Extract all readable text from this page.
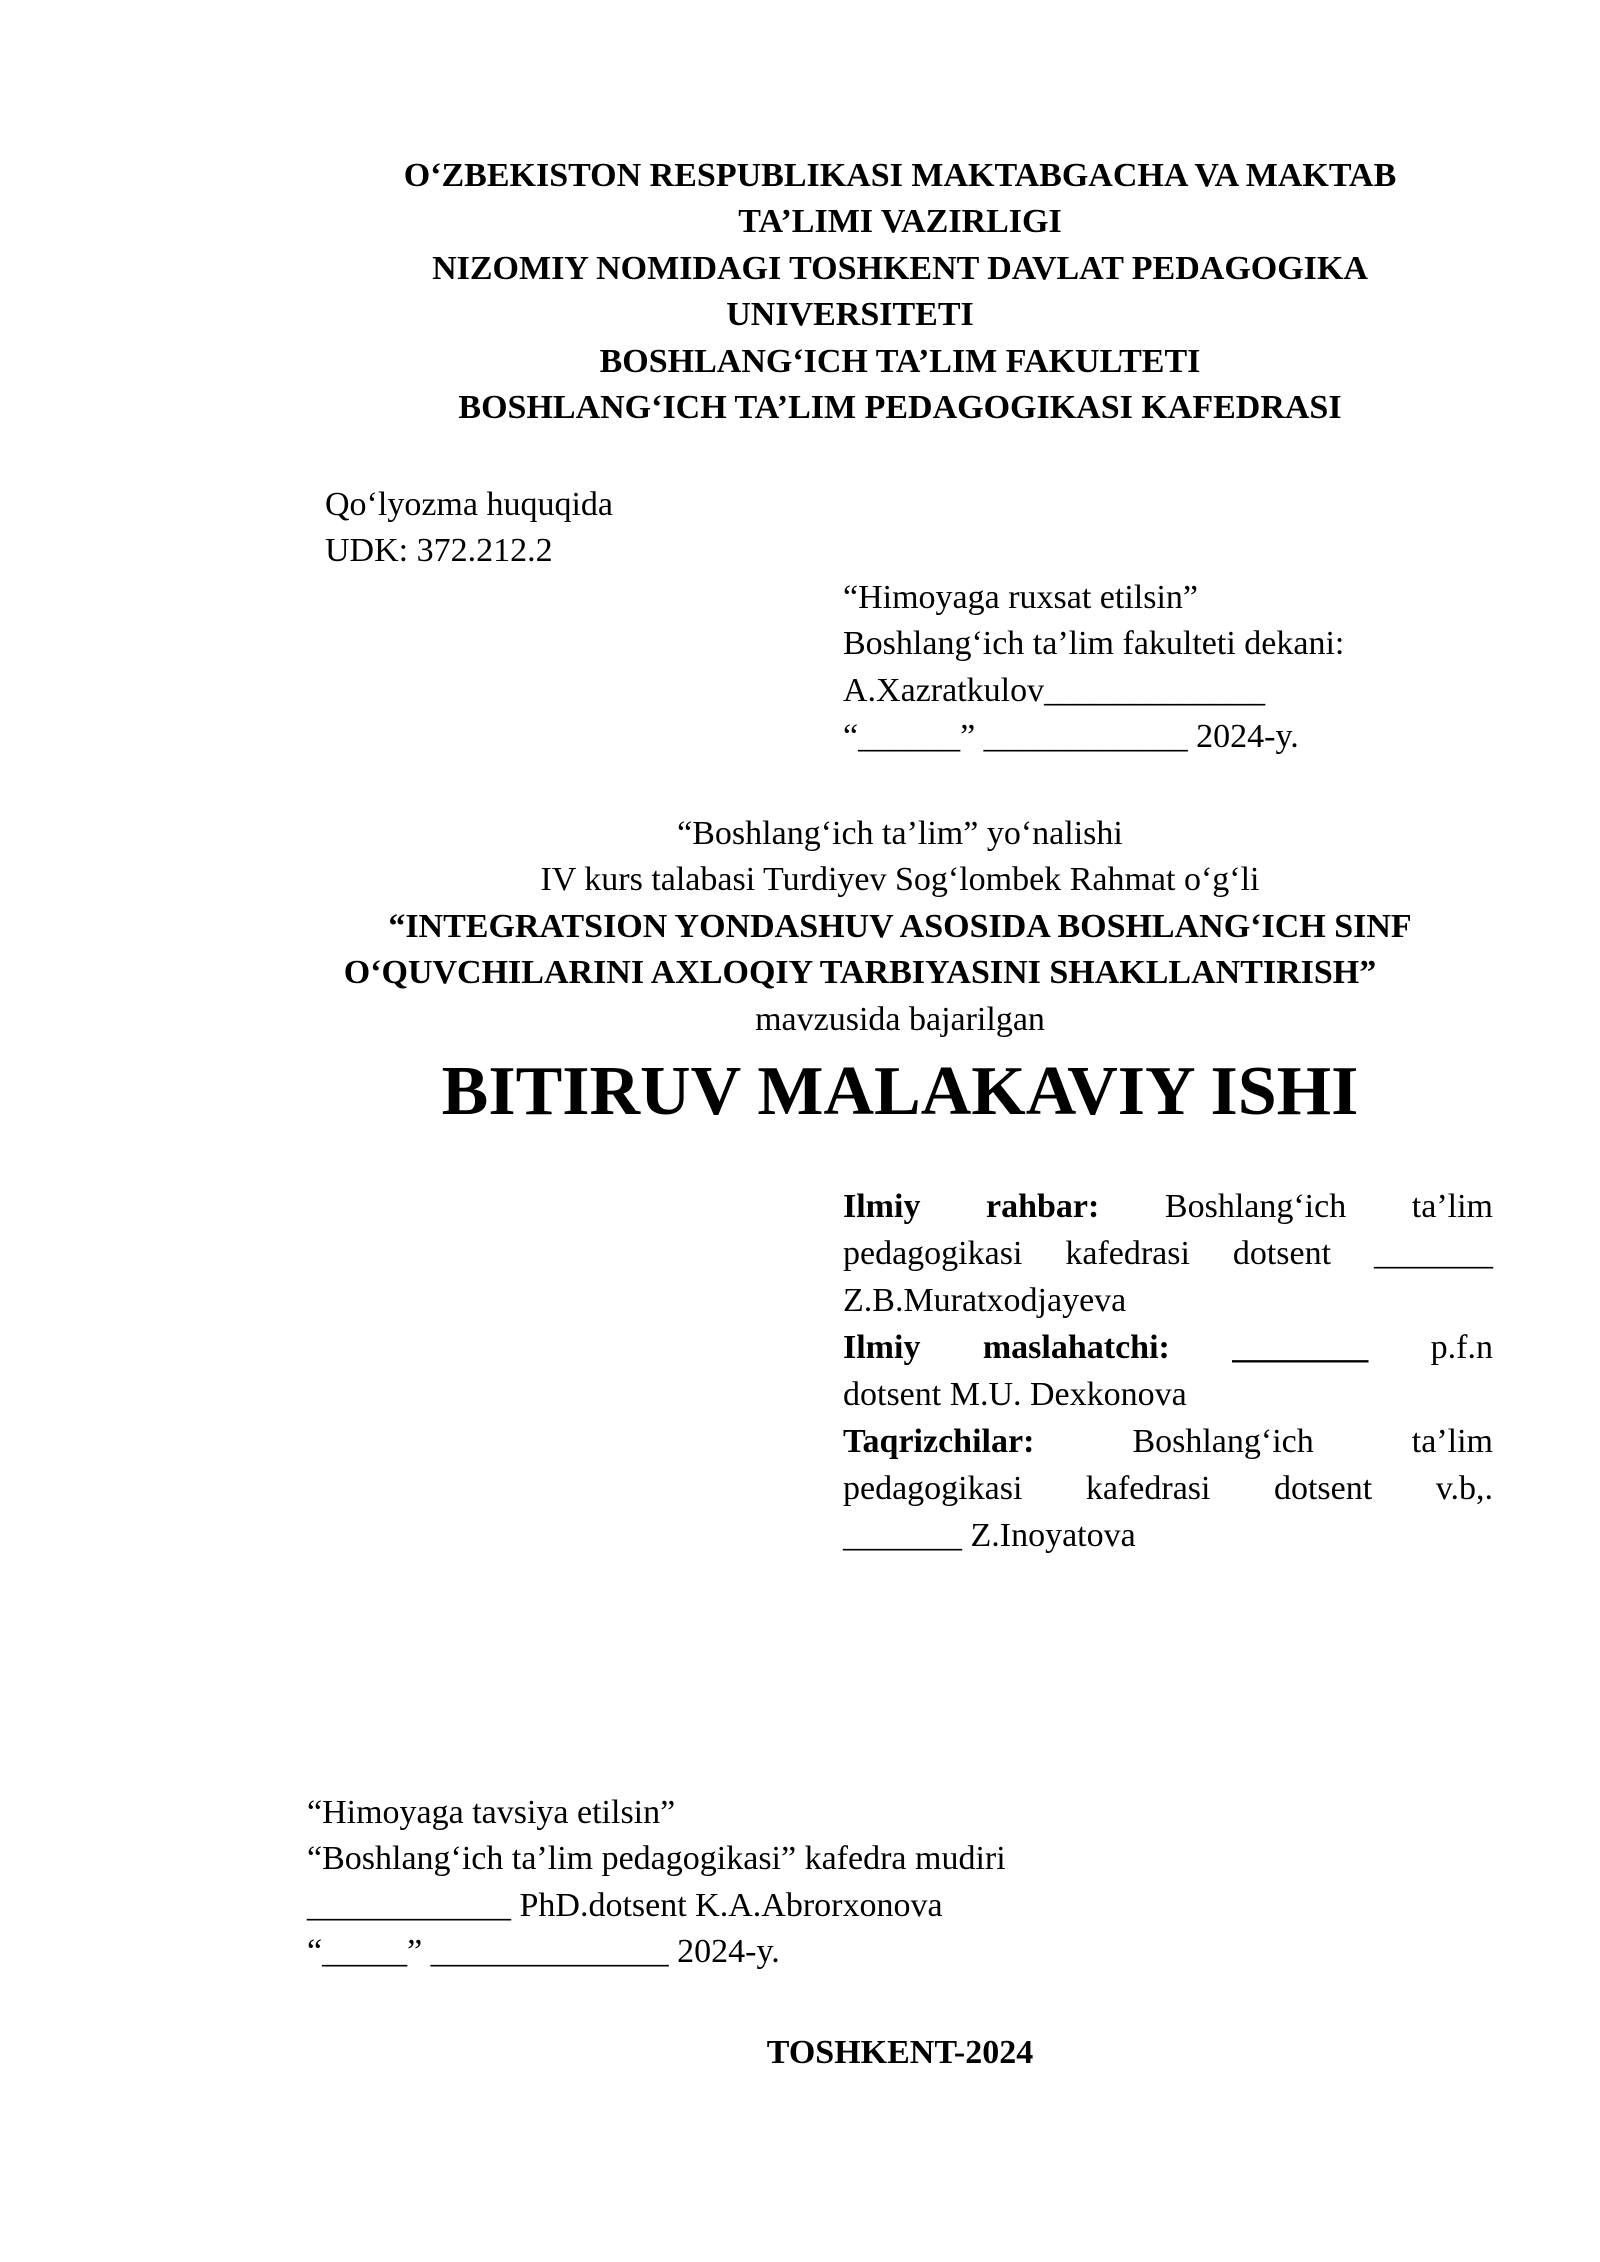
O‘ZBEKISTON RESPUBLIKASI MAKTABGACHA VA MAKTAB
TA’LIMI VAZIRLIGI
NIZOMIY NOMIDAGI TOSHKENT DAVLAT PEDAGOGIKA
UNIVERSITETI
BOSHLANG‘ICH TA’LIM FAKULTETI
BOSHLANG‘ICH TA’LIM PEDAGOGIKASI KAFEDRASI
Qo‘lyozma huquqida
UDK: 372.212.2
“Himoyaga ruxsat etilsin”
Boshlang‘ich ta’lim fakulteti dekani:
A.Xazratkulov_____________
“______” ____________ 2024-y.
“Boshlang‘ich ta’lim” yo‘nalishi
IV kurs talabasi Turdiyev Sog‘lombek Rahmat o‘g‘li
“INTEGRATSION YONDASHUV ASOSIDA BOSHLANG‘ICH SINF
O‘QUVCHILARINI AXLOQIY TARBIYASINI SHAKLLANTIRISH”
mavzusida bajarilgan
BITIRUV MALAKAVIY ISHI
Ilmiy rahbar: Boshlang‘ich ta’lim
pedagogikasi kafedrasi dotsent _______
Z.B.Muratxodjayeva
Ilmiy maslahatchi: ________ p.f.n
dotsent M.U. Dexkonova
Taqrizchilar:	Boshlang‘ich	ta’lim
pedagogikasi kafedrasi dotsent v.b,.
_______ Z.Inoyatova
“Himoyaga tavsiya etilsin”
“Boshlang‘ich ta’lim pedagogikasi” kafedra mudiri
____________ PhD.dotsent K.A.Abrorxonova
“_____” ______________ 2024-y.
TOSHKENT-2024
